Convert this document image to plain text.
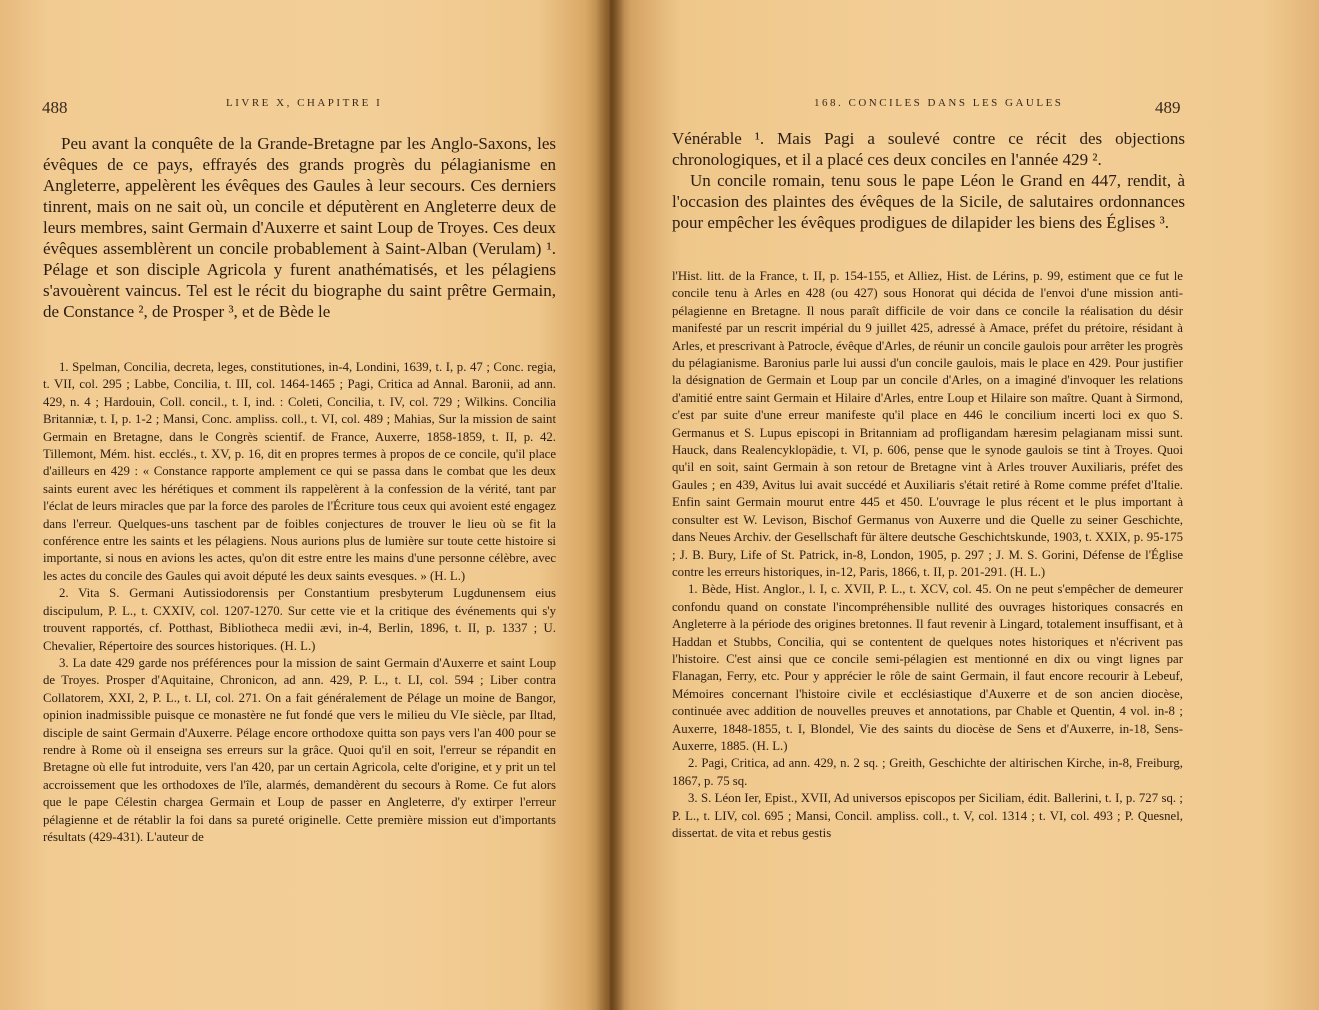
488	LIVRE X, CHAPITRE I

Peu avant la conquête de la Grande-Bretagne par les Anglo-Saxons, les évêques de ce pays, effrayés des grands progrès du pélagianisme en Angleterre, appelèrent les évêques des Gaules à leur secours. Ces derniers tinrent, mais on ne sait où, un concile et députèrent en Angleterre deux de leurs membres, saint Germain d'Auxerre et saint Loup de Troyes. Ces deux évêques assemblèrent un concile probablement à Saint-Alban (Verulam) ¹. Pélage et son disciple Agricola y furent anathématisés, et les pélagiens s'avouèrent vaincus. Tel est le récit du biographe du saint prêtre Germain, de Constance ², de Prosper ³, et de Bède le

1. Spelman, Concilia, decreta, leges, constitutiones, in-4, Londini, 1639, t. I, p. 47 ; Conc. regia, t. VII, col. 295 ; Labbe, Concilia, t. III, col. 1464-1465 ; Pagi, Critica ad Annal. Baronii, ad ann. 429, n. 4 ; Hardouin, Coll. concil., t. I, ind. : Coleti, Concilia, t. IV, col. 729 ; Wilkins. Concilia Britanniæ, t. I, p. 1-2 ; Mansi, Conc. ampliss. coll., t. VI, col. 489 ; Mahias, Sur la mission de saint Germain en Bretagne, dans le Congrès scientif. de France, Auxerre, 1858-1859, t. II, p. 42. Tillemont, Mém. hist. ecclés., t. XV, p. 16, dit en propres termes à propos de ce concile, qu'il place d'ailleurs en 429 : « Constance rapporte amplement ce qui se passa dans le combat que les deux saints eurent avec les hérétiques et comment ils rappelèrent à la confession de la vérité, tant par l'éclat de leurs miracles que par la force des paroles de l'Écriture tous ceux qui avoient esté engagez dans l'erreur. Quelques-uns taschent par de foibles conjectures de trouver le lieu où se fit la conférence entre les saints et les pélagiens. Nous aurions plus de lumière sur toute cette histoire si importante, si nous en avions les actes, qu'on dit estre entre les mains d'une personne célèbre, avec les actes du concile des Gaules qui avoit député les deux saints evesques. » (H. L.)

2. Vita S. Germani Autissiodorensis per Constantium presbyterum Lugdunensem eius discipulum, P. L., t. CXXIV, col. 1207-1270. Sur cette vie et la critique des événements qui s'y trouvent rapportés, cf. Potthast, Bibliotheca medii ævi, in-4, Berlin, 1896, t. II, p. 1337 ; U. Chevalier, Répertoire des sources historiques. (H. L.)

3. La date 429 garde nos préférences pour la mission de saint Germain d'Auxerre et saint Loup de Troyes. Prosper d'Aquitaine, Chronicon, ad ann. 429, P. L., t. LI, col. 594 ; Liber contra Collatorem, XXI, 2, P. L., t. LI, col. 271. On a fait généralement de Pélage un moine de Bangor, opinion inadmissible puisque ce monastère ne fut fondé que vers le milieu du VIe siècle, par Iltad, disciple de saint Germain d'Auxerre. Pélage encore orthodoxe quitta son pays vers l'an 400 pour se rendre à Rome où il enseigna ses erreurs sur la grâce. Quoi qu'il en soit, l'erreur se répandit en Bretagne où elle fut introduite, vers l'an 420, par un certain Agricola, celte d'origine, et y prit un tel accroissement que les orthodoxes de l'île, alarmés, demandèrent du secours à Rome. Ce fut alors que le pape Célestin chargea Germain et Loup de passer en Angleterre, d'y extirper l'erreur pélagienne et de rétablir la foi dans sa pureté originelle. Cette première mission eut d'importants résultats (429-431). L'auteur de

168. CONCILES DANS LES GAULES	489

Vénérable ¹. Mais Pagi a soulevé contre ce récit des objections chronologiques, et il a placé ces deux conciles en l'année 429 ².

Un concile romain, tenu sous le pape Léon le Grand en 447, rendit, à l'occasion des plaintes des évêques de la Sicile, de salutaires ordonnances pour empêcher les évêques prodigues de dilapider les biens des Églises ³.

l'Hist. litt. de la France, t. II, p. 154-155, et Alliez, Hist. de Lérins, p. 99, estiment que ce fut le concile tenu à Arles en 428 (ou 427) sous Honorat qui décida de l'envoi d'une mission anti-pélagienne en Bretagne. Il nous paraît difficile de voir dans ce concile la réalisation du désir manifesté par un rescrit impérial du 9 juillet 425, adressé à Amace, préfet du prétoire, résidant à Arles, et prescrivant à Patrocle, évêque d'Arles, de réunir un concile gaulois pour arrêter les progrès du pélagianisme. Baronius parle lui aussi d'un concile gaulois, mais le place en 429. Pour justifier la désignation de Germain et Loup par un concile d'Arles, on a imaginé d'invoquer les relations d'amitié entre saint Germain et Hilaire d'Arles, entre Loup et Hilaire son maître. Quant à Sirmond, c'est par suite d'une erreur manifeste qu'il place en 446 le concilium incerti loci ex quo S. Germanus et S. Lupus episcopi in Britanniam ad profligandam hæresim pelagianam missi sunt. Hauck, dans Realencyklopädie, t. VI, p. 606, pense que le synode gaulois se tint à Troyes. Quoi qu'il en soit, saint Germain à son retour de Bretagne vint à Arles trouver Auxiliaris, préfet des Gaules ; en 439, Avitus lui avait succédé et Auxiliaris s'était retiré à Rome comme préfet d'Italie. Enfin saint Germain mourut entre 445 et 450. L'ouvrage le plus récent et le plus important à consulter est W. Levison, Bischof Germanus von Auxerre und die Quelle zu seiner Geschichte, dans Neues Archiv. der Gesellschaft für ältere deutsche Geschichtskunde, 1903, t. XXIX, p. 95-175 ; J. B. Bury, Life of St. Patrick, in-8, London, 1905, p. 297 ; J. M. S. Gorini, Défense de l'Église contre les erreurs historiques, in-12, Paris, 1866, t. II, p. 201-291. (H. L.)

1. Bède, Hist. Anglor., l. I, c. XVII, P. L., t. XCV, col. 45. On ne peut s'empêcher de demeurer confondu quand on constate l'incompréhensible nullité des ouvrages historiques consacrés en Angleterre à la période des origines bretonnes. Il faut revenir à Lingard, totalement insuffisant, et à Haddan et Stubbs, Concilia, qui se contentent de quelques notes historiques et n'écrivent pas l'histoire. C'est ainsi que ce concile semi-pélagien est mentionné en dix ou vingt lignes par Flanagan, Ferry, etc. Pour y apprécier le rôle de saint Germain, il faut encore recourir à Lebeuf, Mémoires concernant l'histoire civile et ecclésiastique d'Auxerre et de son ancien diocèse, continuée avec addition de nouvelles preuves et annotations, par Chable et Quentin, 4 vol. in-8 ; Auxerre, 1848-1855, t. I, Blondel, Vie des saints du diocèse de Sens et d'Auxerre, in-18, Sens-Auxerre, 1885. (H. L.)

2. Pagi, Critica, ad ann. 429, n. 2 sq. ; Greith, Geschichte der altirischen Kirche, in-8, Freiburg, 1867, p. 75 sq.

3. S. Léon Ier, Epist., XVII, Ad universos episcopos per Siciliam, édit. Ballerini, t. I, p. 727 sq. ; P. L., t. LIV, col. 695 ; Mansi, Concil. ampliss. coll., t. V, col. 1314 ; t. VI, col. 493 ; P. Quesnel, dissertat. de vita et rebus gestis
